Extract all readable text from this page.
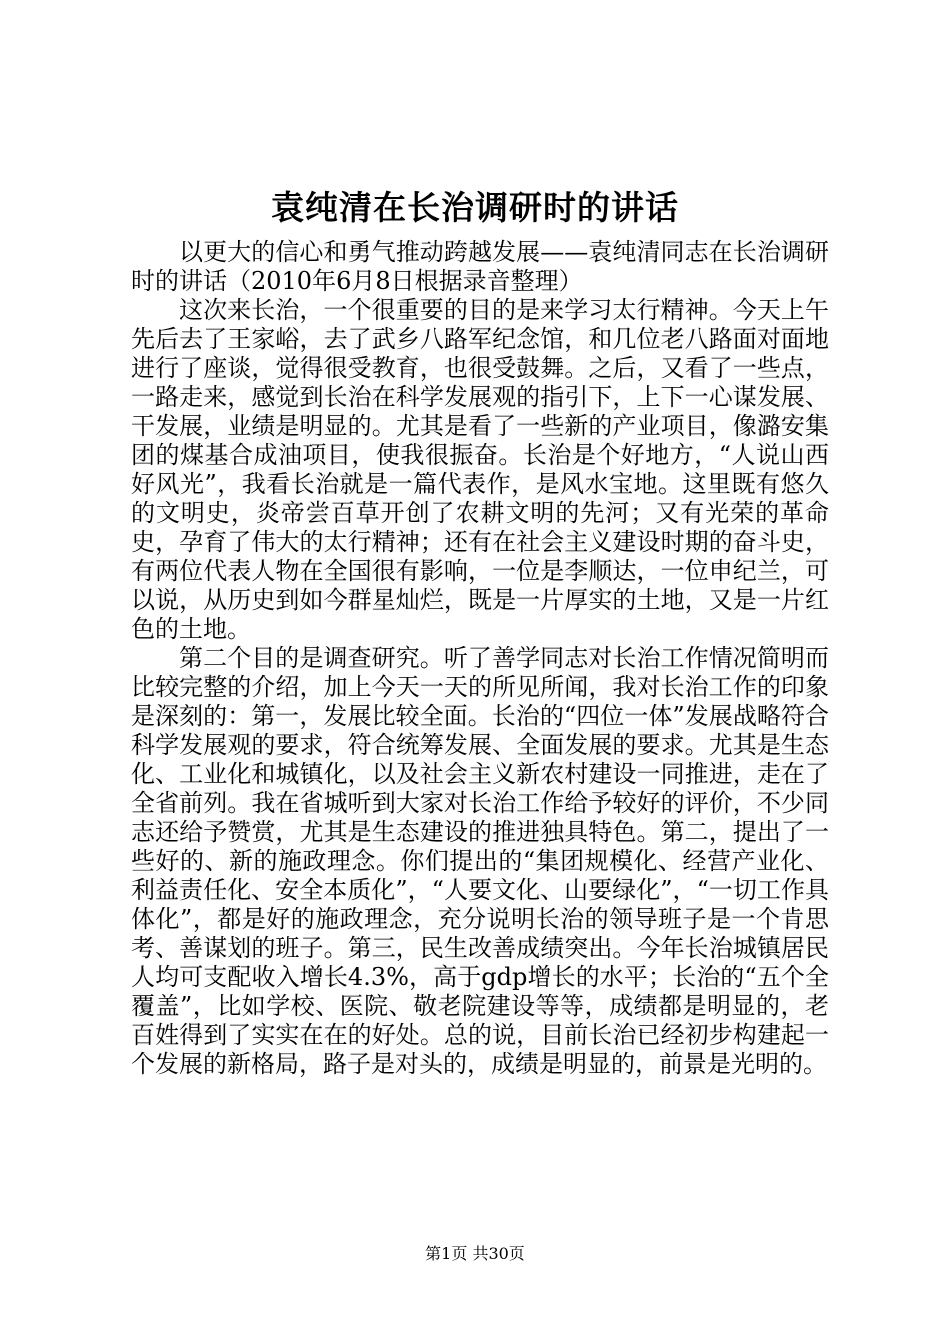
袁纯清在长治调研时的讲话

以更大的信心和勇气推动跨越发展——袁纯清同志在长治调研时的讲话（2010年6月8日根据录音整理）

这次来长治，一个很重要的目的是来学习太行精神。今天上午先后去了王家峪，去了武乡八路军纪念馆，和几位老八路面对面地进行了座谈，觉得很受教育，也很受鼓舞。之后，又看了一些点，一路走来，感觉到长治在科学发展观的指引下，上下一心谋发展、干发展，业绩是明显的。尤其是看了一些新的产业项目，像潞安集团的煤基合成油项目，使我很振奋。长治是个好地方，“人说山西好风光”，我看长治就是一篇代表作，是风水宝地。这里既有悠久的文明史，炎帝尝百草开创了农耕文明的先河；又有光荣的革命史，孕育了伟大的太行精神；还有在社会主义建设时期的奋斗史，有两位代表人物在全国很有影响，一位是李顺达，一位申纪兰，可以说，从历史到如今群星灿烂，既是一片厚实的土地，又是一片红色的土地。

第二个目的是调查研究。听了善学同志对长治工作情况简明而比较完整的介绍，加上今天一天的所见所闻，我对长治工作的印象是深刻的：第一，发展比较全面。长治的“四位一体”发展战略符合科学发展观的要求，符合统筹发展、全面发展的要求。尤其是生态化、工业化和城镇化，以及社会主义新农村建设一同推进，走在了全省前列。我在省城听到大家对长治工作给予较好的评价，不少同志还给予赞赏，尤其是生态建设的推进独具特色。第二，提出了一些好的、新的施政理念。你们提出的“集团规模化、经营产业化、利益责任化、安全本质化”，“人要文化、山要绿化”，“一切工作具体化”，都是好的施政理念，充分说明长治的领导班子是一个肯思考、善谋划的班子。第三，民生改善成绩突出。今年长治城镇居民人均可支配收入增长4.3%，高于gdp增长的水平；长治的“五个全覆盖”，比如学校、医院、敬老院建设等等，成绩都是明显的，老百姓得到了实实在在的好处。总的说，目前长治已经初步构建起一个发展的新格局，路子是对头的，成绩是明显的，前景是光明的。

第1页 共30页
